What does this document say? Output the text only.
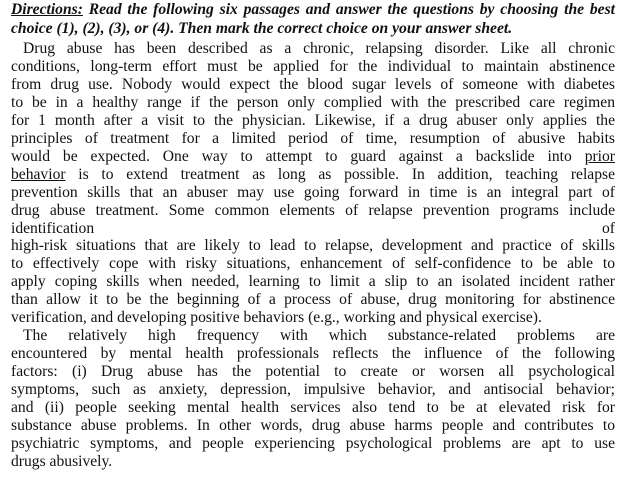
Directions: Read the following six passages and answer the questions by choosing the best
choice (1), (2), (3), or (4). Then mark the correct choice on your answer sheet.
Drug abuse has been described as a chronic, relapsing disorder. Like all chronic
conditions, long-term effort must be applied for the individual to maintain abstinence
from drug use. Nobody would expect the blood sugar levels of someone with diabetes
to be in a healthy range if the person only complied with the prescribed care regimen
for 1 month after a visit to the physician. Likewise, if a drug abuser only applies the
principles of treatment for a limited period of time, resumption of abusive habits
would be expected. One way to attempt to guard against a backslide into prior
behavior is to extend treatment as long as possible. In addition, teaching relapse
prevention skills that an abuser may use going forward in time is an integral part of
drug abuse treatment. Some common elements of relapse prevention programs include
identification	of
high-risk situations that are likely to lead to relapse, development and practice of skills
to effectively cope with risky situations, enhancement of self-confidence to be able to
apply coping skills when needed, learning to limit a slip to an isolated incident rather
than allow it to be the beginning of a process of abuse, drug monitoring for abstinence
verification, and developing positive behaviors (e.g., working and physical exercise).
The relatively high frequency with which substance-related problems are
encountered by mental health professionals reflects the influence of the following
factors: (i) Drug abuse has the potential to create or worsen all psychological
symptoms, such as anxiety, depression, impulsive behavior, and antisocial behavior;
and (ii) people seeking mental health services also tend to be at elevated risk for
substance abuse problems. In other words, drug abuse harms people and contributes to
psychiatric symptoms, and people experiencing psychological problems are apt to use
drugs abusively.
